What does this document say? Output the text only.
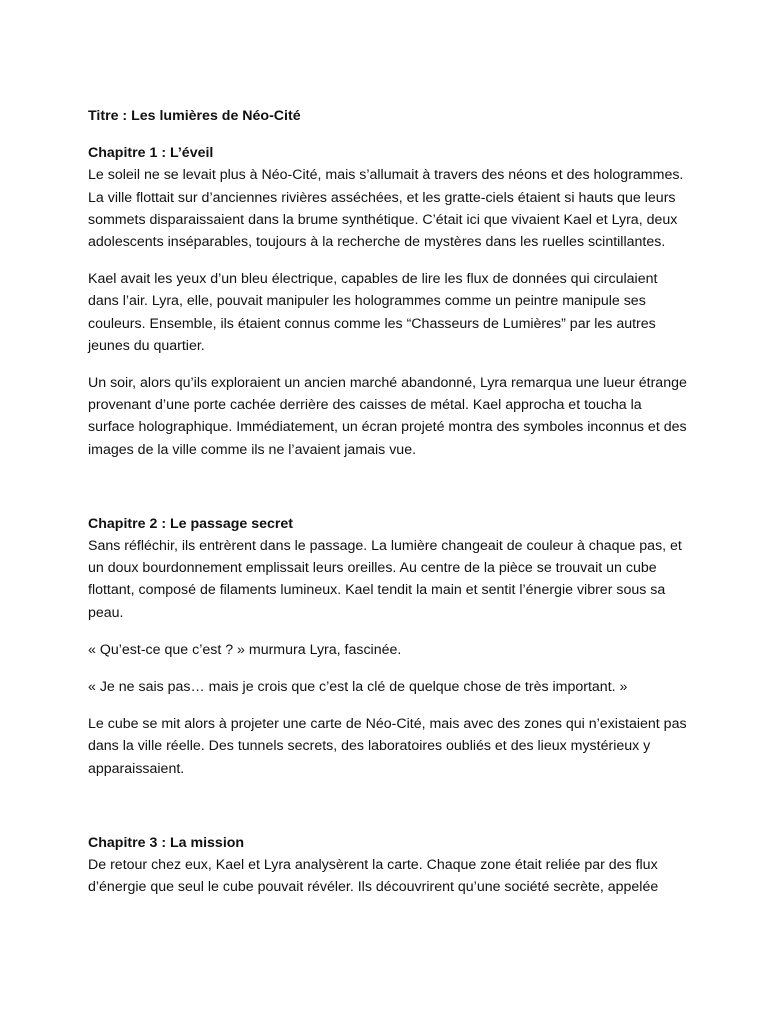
Titre : Les lumières de Néo-Cité

Chapitre 1 : L’éveil

Le soleil ne se levait plus à Néo-Cité, mais s’allumait à travers des néons et des hologrammes. La ville flottait sur d’anciennes rivières asséchées, et les gratte-ciels étaient si hauts que leurs sommets disparaissaient dans la brume synthétique. C’était ici que vivaient Kael et Lyra, deux adolescents inséparables, toujours à la recherche de mystères dans les ruelles scintillantes.

Kael avait les yeux d’un bleu électrique, capables de lire les flux de données qui circulaient dans l’air. Lyra, elle, pouvait manipuler les hologrammes comme un peintre manipule ses couleurs. Ensemble, ils étaient connus comme les “Chasseurs de Lumières” par les autres jeunes du quartier.

Un soir, alors qu’ils exploraient un ancien marché abandonné, Lyra remarqua une lueur étrange provenant d’une porte cachée derrière des caisses de métal. Kael approcha et toucha la surface holographique. Immédiatement, un écran projeté montra des symboles inconnus et des images de la ville comme ils ne l’avaient jamais vue.

Chapitre 2 : Le passage secret

Sans réfléchir, ils entrèrent dans le passage. La lumière changeait de couleur à chaque pas, et un doux bourdonnement emplissait leurs oreilles. Au centre de la pièce se trouvait un cube flottant, composé de filaments lumineux. Kael tendit la main et sentit l’énergie vibrer sous sa peau.

« Qu’est-ce que c’est ? » murmura Lyra, fascinée.

« Je ne sais pas… mais je crois que c’est la clé de quelque chose de très important. »

Le cube se mit alors à projeter une carte de Néo-Cité, mais avec des zones qui n’existaient pas dans la ville réelle. Des tunnels secrets, des laboratoires oubliés et des lieux mystérieux y apparaissaient.

Chapitre 3 : La mission

De retour chez eux, Kael et Lyra analysèrent la carte. Chaque zone était reliée par des flux d’énergie que seul le cube pouvait révéler. Ils découvrirent qu’une société secrète, appelée
